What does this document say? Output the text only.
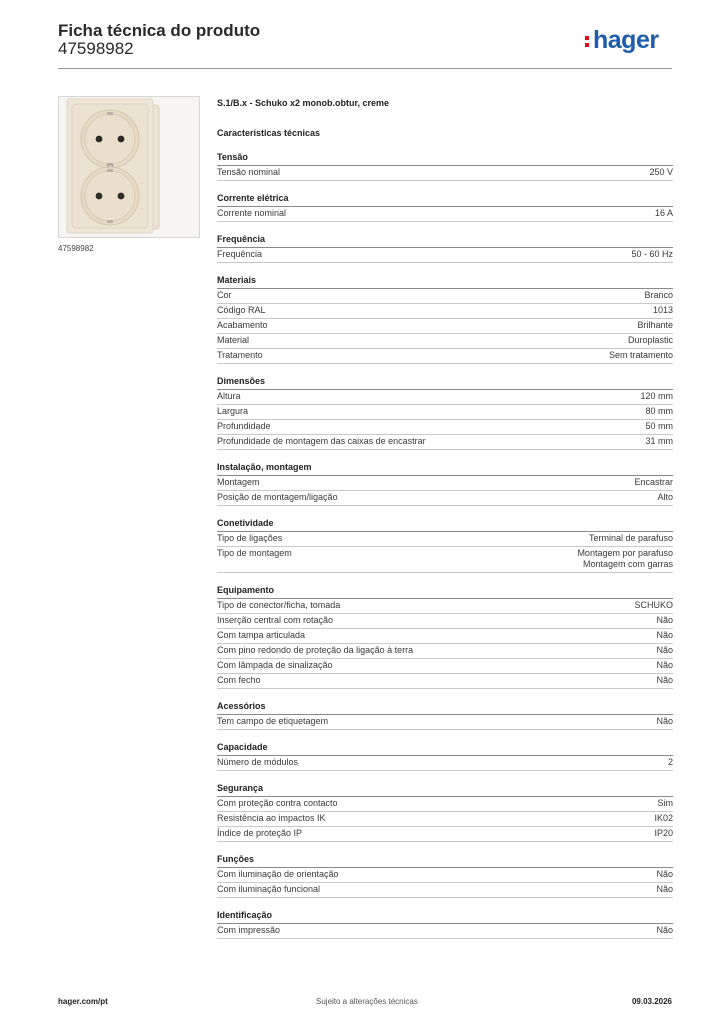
Ficha técnica do produto
47598982	hager
47598982
S.1/B.x - Schuko x2 monob.obtur, creme
Características técnicas
Tensão
Tensão nominal	250 V
Corrente elétrica
Corrente nominal	16 A
Frequência
Frequência	50 - 60 Hz
Materiais
Cor	Branco
Código RAL	1013
Acabamento	Brilhante
Material	Duroplastic
Tratamento	Sem tratamento
Dimensões
Altura	120 mm
Largura	80 mm
Profundidade	50 mm
Profundidade de montagem das caixas de encastrar	31 mm
Instalação, montagem
Montagem	Encastrar
Posição de montagem/ligação	Alto
Conetividade
Tipo de ligações	Terminal de parafuso
Tipo de montagem	Montagem por parafuso
Montagem com garras
Equipamento
Tipo de conector/ficha, tomada	SCHUKO
Inserção central com rotação	Não
Com tampa articulada	Não
Com pino redondo de proteção da ligação à terra	Não
Com lâmpada de sinalização	Não
Com fecho	Não
Acessórios
Tem campo de etiquetagem	Não
Capacidade
Número de módulos	2
Segurança
Com proteção contra contacto	Sim
Resistência ao impactos IK	IK02
Índice de proteção IP	IP20
Funções
Com iluminação de orientação	Não
Com iluminação funcional	Não
Identificação
Com impressão	Não
hager.com/pt	Sujeito a alterações técnicas	09.03.2026
